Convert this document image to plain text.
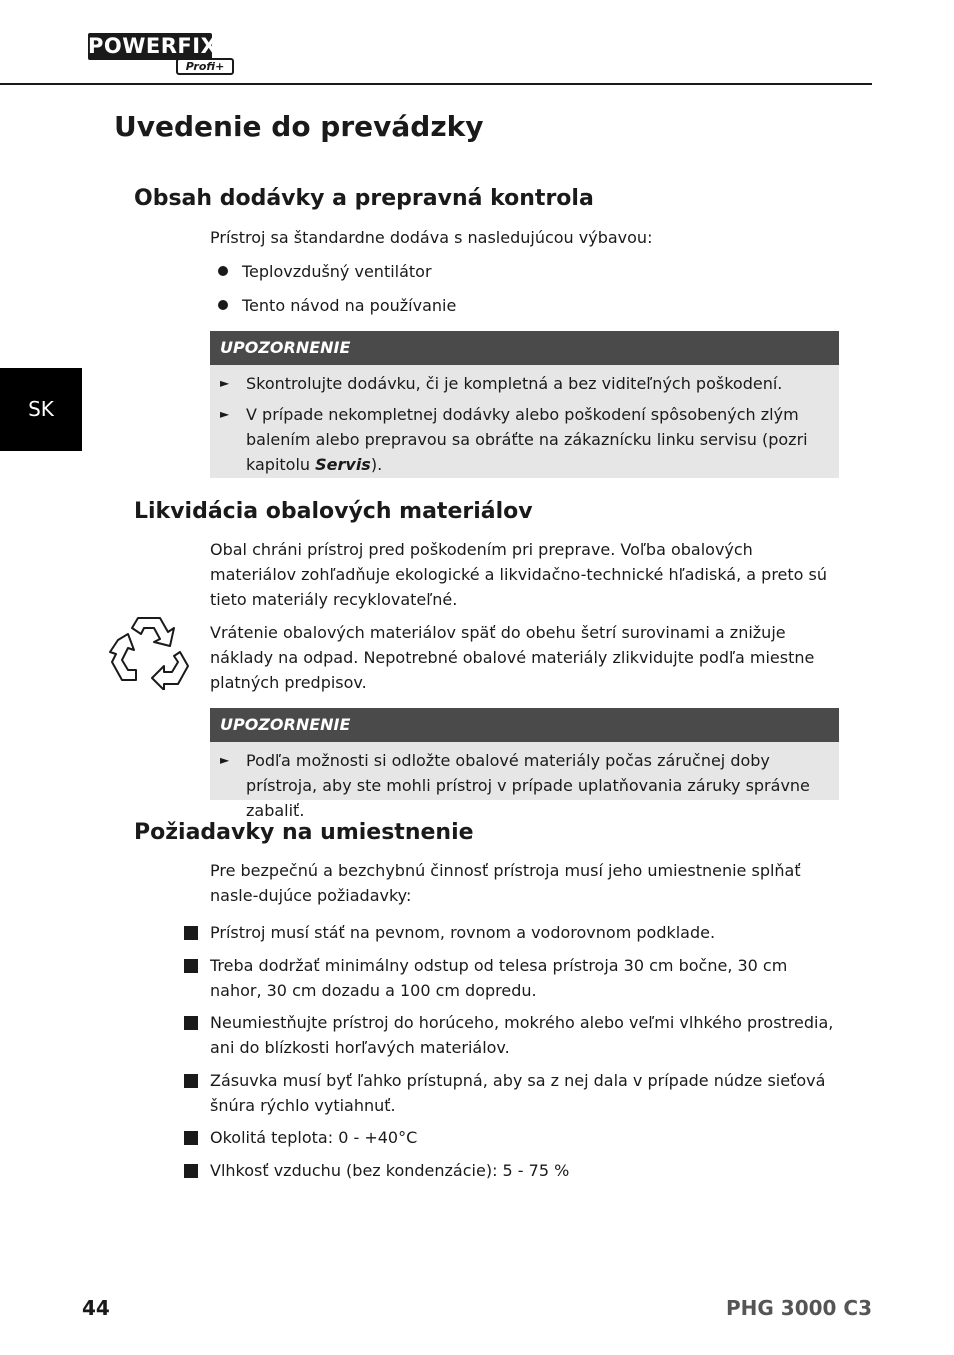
POWERFIX
Profi+
SK
Uvedenie do prevádzky
Obsah dodávky a prepravná kontrola

Prístroj sa štandardne dodáva s nasledujúcou výbavou:

Teplovzdušný ventilátor
Tento návod na používanie
UPOZORNENIE
► Skontrolujte dodávku, či je kompletná a bez viditeľných poškodení.
► V prípade nekompletnej dodávky alebo poškodení spôsobených zlým balením alebo prepravou sa obráťte na zákaznícku linku servisu (pozri kapitolu Servis).
Likvidácia obalových materiálov

Obal chráni prístroj pred poškodením pri preprave. Voľba obalových materiálov zohľadňuje ekologické a likvidačno-technické hľadiská, a preto sú tieto materiály recyklovateľné.

Vrátenie obalových materiálov späť do obehu šetrí surovinami a znižuje náklady na odpad. Nepotrebné obalové materiály zlikvidujte podľa miestne platných predpisov.

UPOZORNENIE
► Podľa možnosti si odložte obalové materiály počas záručnej doby prístroja, aby ste mohli prístroj v prípade uplatňovania záruky správne zabaliť.
Požiadavky na umiestnenie

Pre bezpečnú a bezchybnú činnosť prístroja musí jeho umiestnenie splňať nasle-dujúce požiadavky:

Prístroj musí stáť na pevnom, rovnom a vodorovnom podklade.
Treba dodržať minimálny odstup od telesa prístroja 30 cm bočne, 30 cm nahor, 30 cm dozadu a 100 cm dopredu.
Neumiestňujte prístroj do horúceho, mokrého alebo veľmi vlhkého prostredia, ani do blízkosti horľavých materiálov.
Zásuvka musí byť ľahko prístupná, aby sa z nej dala v prípade núdze sieťová šnúra rýchlo vytiahnuť.
Okolitá teplota: 0 - +40°C
Vlhkosť vzduchu (bez kondenzácie): 5 - 75 %
44	PHG 3000 C3
